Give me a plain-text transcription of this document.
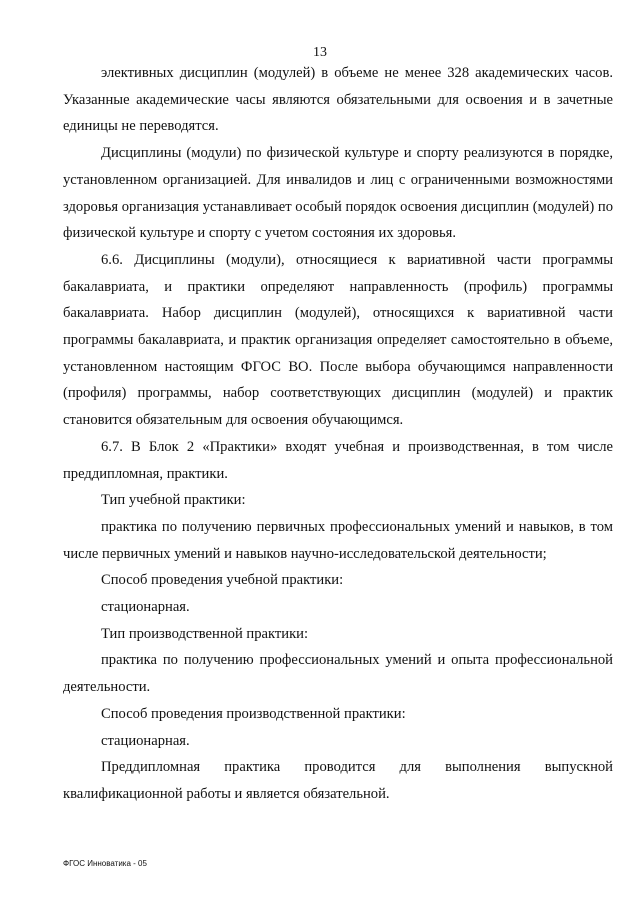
13

элективных дисциплин (модулей) в объеме не менее 328 академических часов. Указанные академические часы являются обязательными для освоения и в зачетные единицы не переводятся.

Дисциплины (модули) по физической культуре и спорту реализуются в порядке, установленном организацией. Для инвалидов и лиц с ограниченными возможностями здоровья организация устанавливает особый порядок освоения дисциплин (модулей) по физической культуре и спорту с учетом состояния их здоровья.

6.6. Дисциплины (модули), относящиеся к вариативной части программы бакалавриата, и практики определяют направленность (профиль) программы бакалавриата. Набор дисциплин (модулей), относящихся к вариативной части программы бакалавриата, и практик организация определяет самостоятельно в объеме, установленном настоящим ФГОС ВО. После выбора обучающимся направленности (профиля) программы, набор соответствующих дисциплин (модулей) и практик становится обязательным для освоения обучающимся.

6.7. В Блок 2 «Практики» входят учебная и производственная, в том числе преддипломная, практики.

Тип учебной практики:

практика по получению первичных профессиональных умений и навыков, в том числе первичных умений и навыков научно-исследовательской деятельности;

Способ проведения учебной практики:

стационарная.

Тип производственной практики:

практика по получению профессиональных умений и опыта профессиональной деятельности.

Способ проведения производственной практики:

стационарная.

Преддипломная практика проводится для выполнения выпускной квалификационной работы и является обязательной.

ФГОС Инноватика - 05
